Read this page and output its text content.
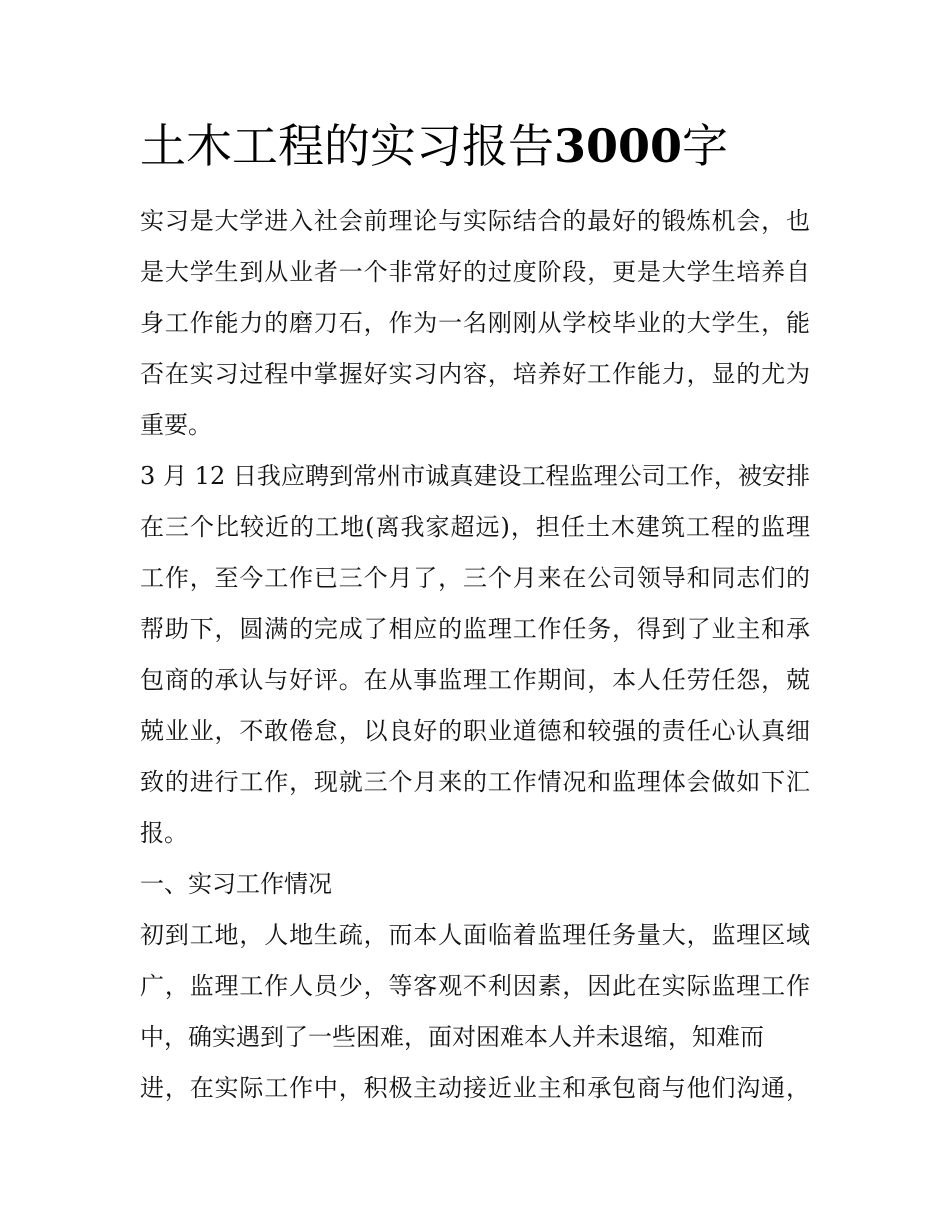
土木工程的实习报告3000字

实习是大学进入社会前理论与实际结合的最好的锻炼机会，也

是大学生到从业者一个非常好的过度阶段，更是大学生培养自

身工作能力的磨刀石，作为一名刚刚从学校毕业的大学生，能

否在实习过程中掌握好实习内容，培养好工作能力，显的尤为

重要。

3 月 12 日我应聘到常州市诚真建设工程监理公司工作，被安排

在三个比较近的工地(离我家超远)，担任土木建筑工程的监理

工作，至今工作已三个月了，三个月来在公司领导和同志们的

帮助下，圆满的完成了相应的监理工作任务，得到了业主和承

包商的承认与好评。在从事监理工作期间，本人任劳任怨，兢

兢业业，不敢倦怠，以良好的职业道德和较强的责任心认真细

致的进行工作，现就三个月来的工作情况和监理体会做如下汇

报。

一、实习工作情况

初到工地，人地生疏，而本人面临着监理任务量大，监理区域

广，监理工作人员少，等客观不利因素，因此在实际监理工作

中，确实遇到了一些困难，面对困难本人并未退缩，知难而

进，在实际工作中，积极主动接近业主和承包商与他们沟通，
